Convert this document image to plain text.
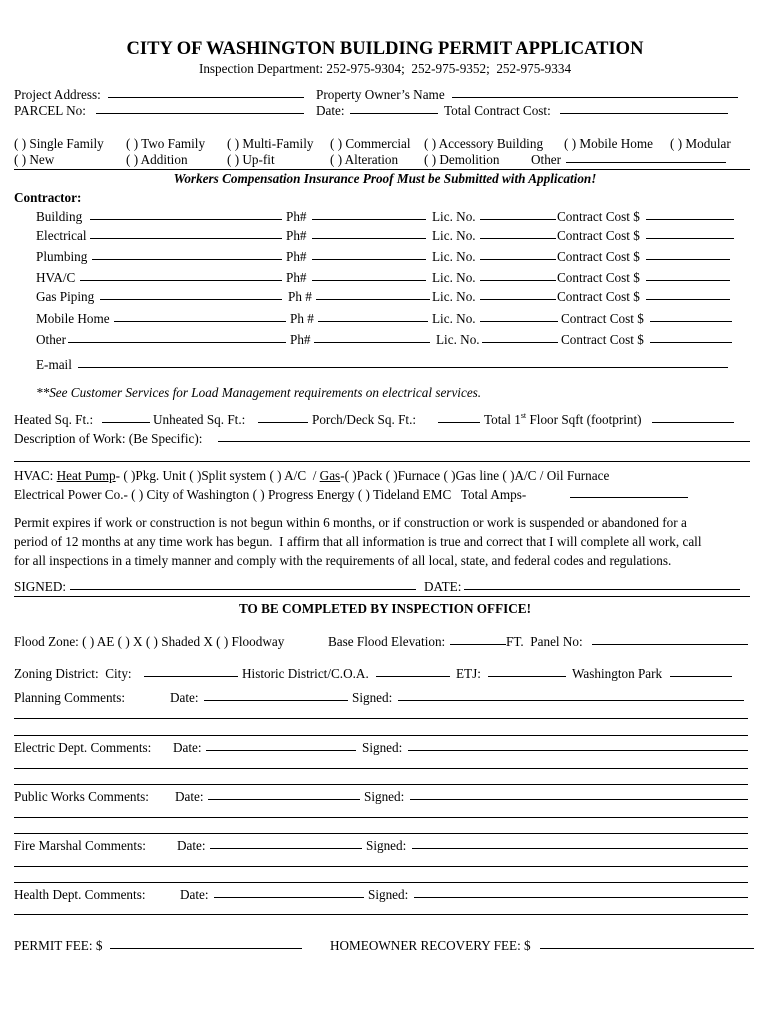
CITY OF WASHINGTON BUILDING PERMIT APPLICATION
Inspection Department: 252-975-9304;  252-975-9352;  252-975-9334
Project Address:	Property Owner’s Name
PARCEL No:	Date:	Total Contract Cost:
( ) Single Family ( ) Two Family ( ) Multi-Family ( ) Commercial ( ) Accessory Building ( ) Mobile Home ( ) Modular
( ) New	( ) Addition	( ) Up-fit	( ) Alteration ( ) Demolition Other
Workers Compensation Insurance Proof Must be Submitted with Application!
Contractor:
Building	Ph#	Lic. No.	Contract Cost $
Electrical	Ph#	Lic. No.	Contract Cost $
Plumbing	Ph#	Lic. No.	Contract Cost $
HVA/C	Ph#	Lic. No.	Contract Cost $
Gas Piping	Ph #	Lic. No.	Contract Cost $
Mobile Home	Ph #	Lic. No.	Contract Cost $
Other	Ph#	Lic. No.	Contract Cost $
E-mail
**See Customer Services for Load Management requirements on electrical services.
Heated Sq. Ft.:	Unheated Sq. Ft.:	Porch/Deck Sq. Ft.:	Total 1st Floor Sqft (footprint)
Description of Work: (Be Specific):
HVAC: Heat Pump- ( )Pkg. Unit ( )Split system ( ) A/C  / Gas-( )Pack ( )Furnace ( )Gas line ( )A/C / Oil Furnace
Electrical Power Co.- ( ) City of Washington ( ) Progress Energy ( ) Tideland EMC   Total Amps-
Permit expires if work or construction is not begun within 6 months, or if construction or work is suspended or abandoned for a
period of 12 months at any time work has begun.  I affirm that all information is true and correct that I will complete all work, call
for all inspections in a timely manner and comply with the requirements of all local, state, and federal codes and regulations.
SIGNED:	DATE:
TO BE COMPLETED BY INSPECTION OFFICE!
Flood Zone: ( ) AE ( ) X ( ) Shaded X ( ) Floodway	Base Flood Elevation:	FT.  Panel No:
Zoning District:  City:	Historic District/C.O.A.	ETJ:	Washington Park
Planning Comments:	Date:	Signed:
Electric Dept. Comments: Date:	Signed:
Public Works Comments: Date:	Signed:
Fire Marshal Comments: Date:	Signed:
Health Dept. Comments:	Date:	Signed:
PERMIT FEE: $	HOMEOWNER RECOVERY FEE: $
